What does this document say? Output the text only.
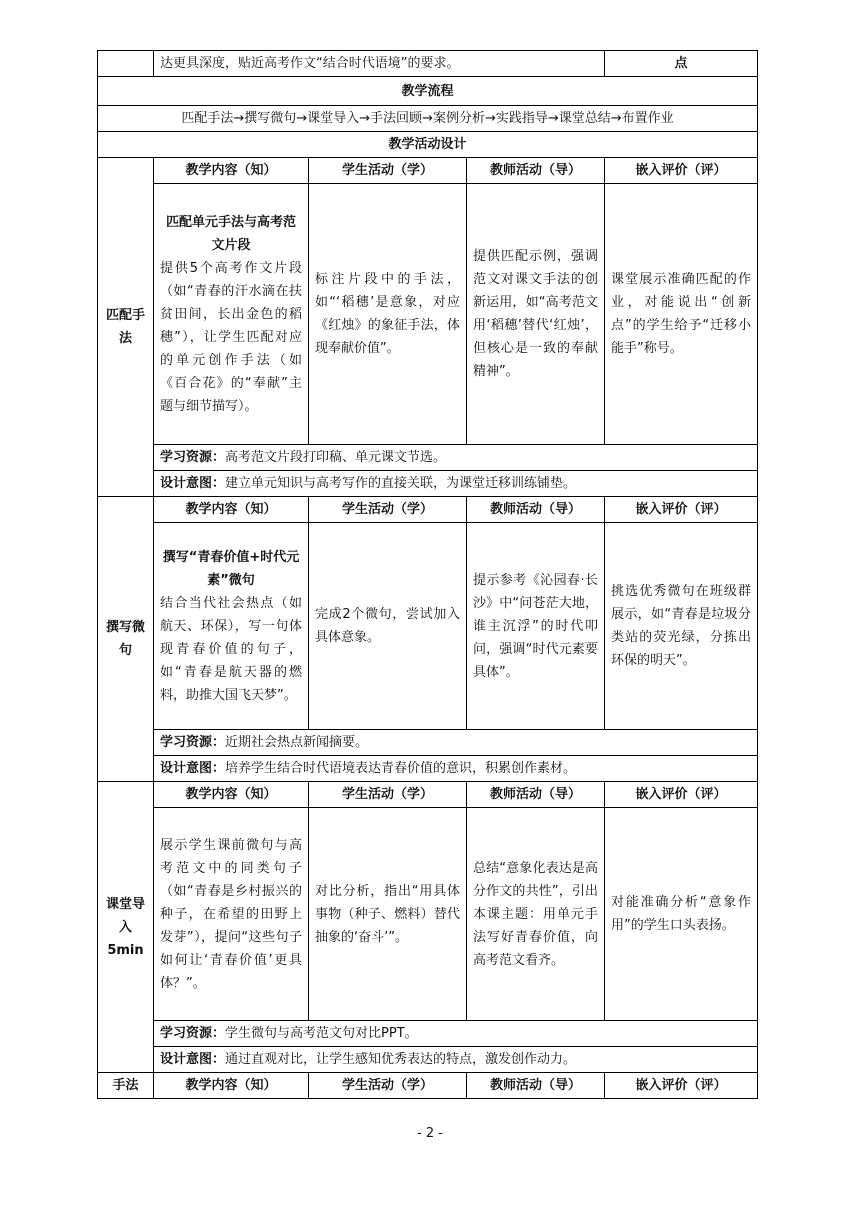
	达更具深度，贴近高考作文“结合时代语境”的要求。			点
教学流程				
匹配手法→撰写微句→课堂导入→手法回顾→案例分析→实践指导→课堂总结→布置作业				
教学活动设计				
匹配手法	教学内容（知）	学生活动（学）	教师活动（导）	嵌入评价（评）

	匹配单元手法与高考范文片段
提供5个高考作文片段（如“青春的汗水滴在扶贫田间，长出金色的稻穗”），让学生匹配对应的单元创作手法（如《百合花》的“奉献”主题与细节描写）。	标注片段中的手法，如“‘稻穗’是意象，对应《红烛》的象征手法，体现奉献价值”。	提供匹配示例，强调范文对课文手法的创新运用，如“高考范文用‘稻穗’替代‘红烛’，但核心是一致的奉献精神”。	课堂展示准确匹配的作业，对能说出“创新点”的学生给予“迁移小能手”称号。
	学习资源：高考范文片段打印稿、单元课文节选。			
	设计意图：建立单元知识与高考写作的直接关联，为课堂迁移训练铺垫。			
撰写微句	教学内容（知）	学生活动（学）	教师活动（导）	嵌入评价（评）

	撰写“青春价值+时代元素”微句
结合当代社会热点（如航天、环保），写一句体现青春价值的句子，如“青春是航天器的燃料，助推大国飞天梦”。	完成2个微句，尝试加入具体意象。	提示参考《沁园春·长沙》中“问苍茫大地，谁主沉浮”的时代叩问，强调“时代元素要具体”。	挑选优秀微句在班级群展示，如“青春是垃圾分类站的荧光绿，分拣出环保的明天”。
	学习资源：近期社会热点新闻摘要。			
	设计意图：培养学生结合时代语境表达青春价值的意识，积累创作素材。			
课堂导入5min	教学内容（知）	学生活动（学）	教师活动（导）	嵌入评价（评）
	展示学生课前微句与高考范文中的同类句子（如“青春是乡村振兴的种子，在希望的田野上发芽”），提问“这些句子如何让‘青春价值’更具体？”。	对比分析，指出“用具体事物（种子、燃料）替代抽象的‘奋斗’”。	总结“意象化表达是高分作文的共性”，引出本课主题：用单元手法写好青春价值，向高考范文看齐。	对能准确分析“意象作用”的学生口头表扬。
	学习资源：学生微句与高考范文句对比PPT。			
	设计意图：通过直观对比，让学生感知优秀表达的特点，激发创作动力。			
手法	教学内容（知）	学生活动（学）	教师活动（导）	嵌入评价（评）
- 2 -
